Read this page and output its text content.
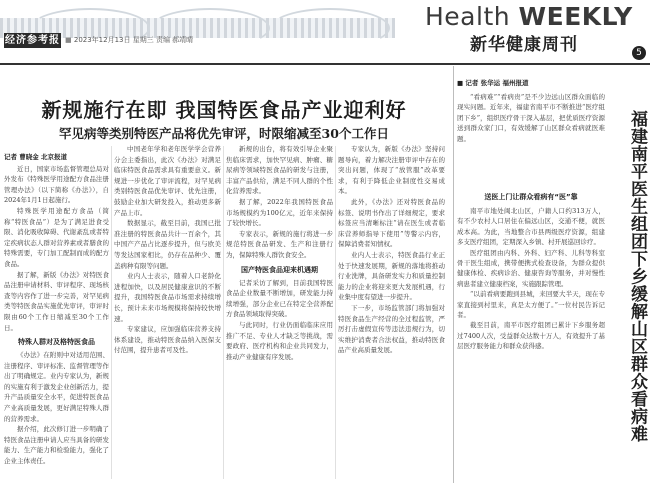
经济参考报 ■ 2023年12月13日 星期三 责编 郝靖晴
Health WEEKLY
新华健康周刊	5
新规施行在即 我国特医食品产业迎利好
罕见病等类别特医产品将优先审评，时限缩减至30个工作日

记者 曹晓金 北京报道

近日，国家市场监督管理总局对外发布《特殊医学用途配方食品注册管理办法》（以下简称《办法》），自2024年1月1日起施行。

特殊医学用途配方食品（简称“特医食品”）是为了满足进食受限、消化吸收障碍、代谢紊乱或者特定疾病状态人群对营养素或者膳食的特殊需要，专门加工配制而成的配方食品。

据了解，新版《办法》对特医食品注册申请材料、审评程序、现场核查等内容作了进一步完善，对罕见病类等特医食品实施优先审评，审评时限由60个工作日缩减至30个工作日。

特殊人群对及格特医食品

《办法》在附则中对适用范围、注册程序、审评标准、监督管理等作出了明确规定。业内专家认为，新规的实施有利于激发企业创新活力，提升产品质量安全水平，促进特医食品产业高质量发展，更好满足特殊人群的营养需求。

据介绍，此次修订进一步明确了特医食品注册申请人应当具备的研发能力、生产能力和检验能力，强化了企业主体责任。

中国老年学和老年医学学会营养分会主委指出，此次《办法》对满足临床特医食品需求具有重要意义。新规进一步优化了审评流程，对罕见病类别特医食品优先审评、优先注册，鼓励企业加大研发投入，推动更多新产品上市。

数据显示，截至目前，我国已批准注册的特医食品共计一百余个，其中国产产品占比逐步提升，但与欧美等发达国家相比，仍存在品种少、覆盖病种有限等问题。

业内人士表示，随着人口老龄化进程加快，以及居民健康意识的不断提升，我国特医食品市场需求持续增长，预计未来市场规模将保持较快增速。

专家建议，应加强临床营养支持体系建设，推动特医食品纳入医保支付范围，提升患者可及性。

新规的出台，将有效引导企业聚焦临床需求，加快罕见病、肿瘤、糖尿病等领域特医食品的研发与注册，丰富产品供给，满足不同人群的个性化营养需求。

据了解，2022年我国特医食品市场规模约为100亿元，近年来保持了较快增长。

专家表示，新规的施行将进一步规范特医食品研发、生产和注册行为，保障特殊人群饮食安全。

国产特医食品迎来机遇期

记者采访了解到，目前我国特医食品企业数量不断增加，研发能力持续增强，部分企业已在特定全营养配方食品领域取得突破。

与此同时，行业仍面临临床应用推广不足、专业人才缺乏等挑战，需要政府、医疗机构和企业共同发力，推动产业健康有序发展。

专家认为，新版《办法》坚持问题导向，着力解决注册审评中存在的突出问题，体现了“放管服”改革要求，有利于降低企业制度性交易成本。

此外，《办法》还对特医食品的标签、说明书作出了详细规定，要求标签应当清晰标注“请在医生或者临床营养师指导下使用”等警示内容，保障消费者知情权。

业内人士表示，特医食品行业正处于快速发展期，新规的落地将推动行业洗牌，具备研发实力和质量控制能力的企业将迎来更大发展机遇，行业集中度有望进一步提升。

下一步，市场监管部门将加强对特医食品生产经营的全过程监管，严厉打击虚假宣传等违法违规行为，切实维护消费者合法权益，推动特医食品产业高质量发展。

■ 记者 张华运 福州报道

“看病难”“看病贵”是不少边远山区群众面临的现实问题。近年来，福建省南平市不断推进“医疗组团下乡”，组织医疗骨干深入基层，把优质医疗资源送到群众家门口，有效缓解了山区群众看病就医难题。

送医上门让群众看病有“医”靠

南平市地处闽北山区，户籍人口约313万人，有不少农村人口居住在偏远山区，交通不便，就医成本高。为此，当地整合市县两级医疗资源，组建多支医疗组团，定期深入乡镇、村开展巡回诊疗。

医疗组团由内科、外科、妇产科、儿科等科室骨干医生组成，携带便携式检查设备，为群众提供健康体检、疾病诊治、健康咨询等服务，并对慢性病患者建立健康档案，实施跟踪管理。

“以前看病要跑到县城，来回要大半天，现在专家直接到村里来，真是太方便了。”一位村民告诉记者。

截至目前，南平市医疗组团已累计下乡服务超过7400人次，受益群众达数十万人，有效提升了基层医疗服务能力和群众获得感。	福建南平医生组团下乡缓解山区群众看病难
